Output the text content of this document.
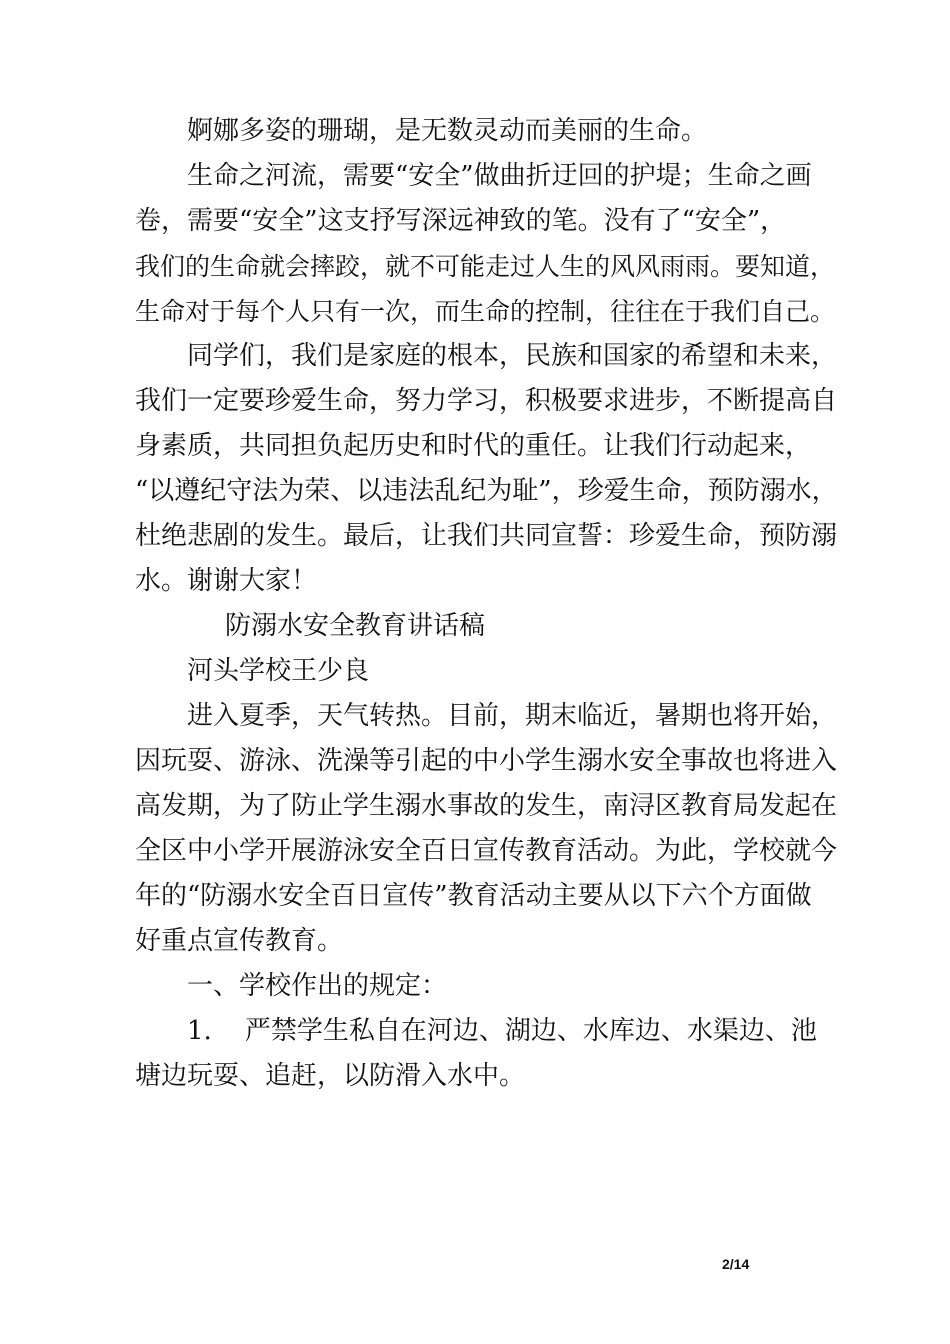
婀娜多姿的珊瑚，是无数灵动而美丽的生命。
生命之河流，需要“安全”做曲折迂回的护堤；生命之画
卷，需要“安全”这支抒写深远神致的笔。没有了“安全”，
我们的生命就会摔跤，就不可能走过人生的风风雨雨。要知道，
生命对于每个人只有一次，而生命的控制，往往在于我们自己。
同学们，我们是家庭的根本，民族和国家的希望和未来，
我们一定要珍爱生命，努力学习，积极要求进步，不断提高自
身素质，共同担负起历史和时代的重任。让我们行动起来，
“以遵纪守法为荣、以违法乱纪为耻”，珍爱生命，预防溺水，
杜绝悲剧的发生。最后，让我们共同宣誓：珍爱生命，预防溺
水。谢谢大家！
防溺水安全教育讲话稿
河头学校王少良
进入夏季，天气转热。目前，期末临近，暑期也将开始，
因玩耍、游泳、洗澡等引起的中小学生溺水安全事故也将进入
高发期，为了防止学生溺水事故的发生，南浔区教育局发起在
全区中小学开展游泳安全百日宣传教育活动。为此，学校就今
年的“防溺水安全百日宣传”教育活动主要从以下六个方面做
好重点宣传教育。
一、学校作出的规定：
1.    严禁学生私自在河边、湖边、水库边、水渠边、池
塘边玩耍、追赶，以防滑入水中。
2/14
